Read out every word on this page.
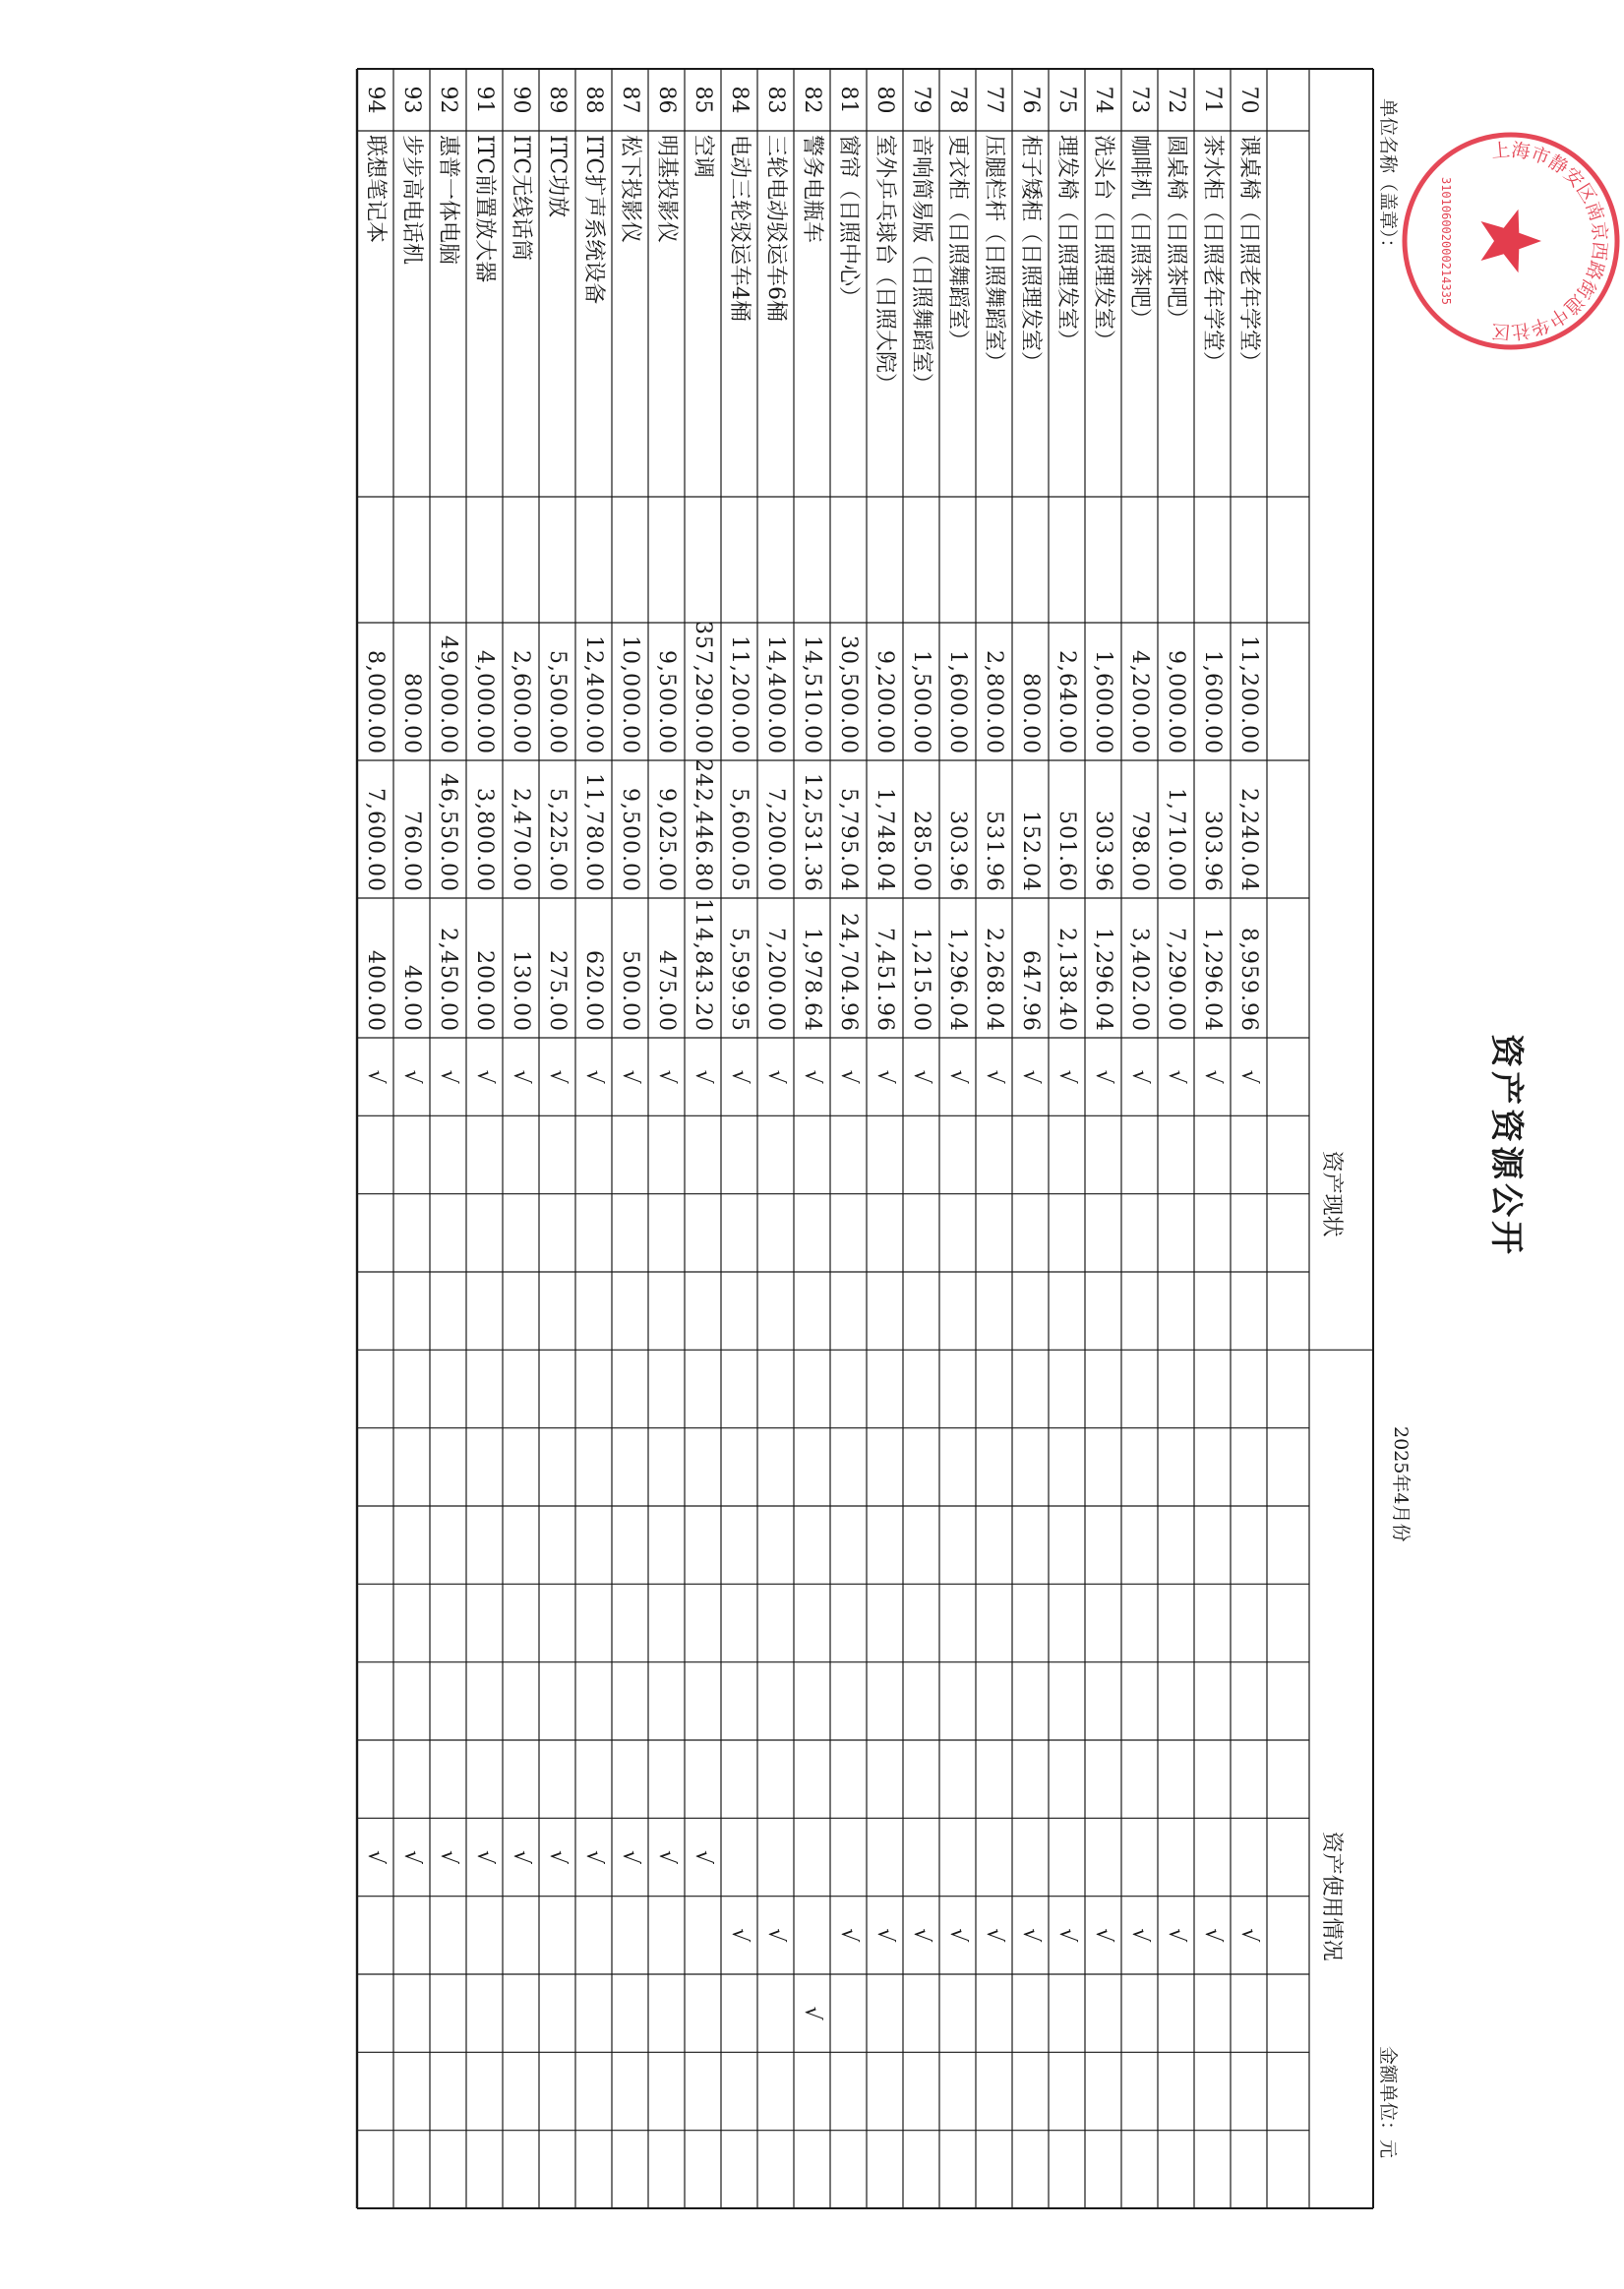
资产资源公开
2025年4月份
金额单位：元
单位名称（盖章）：
资产现状
资产使用情况
70
课桌椅（日照老年学堂）
11,200.00
2,240.04
8,959.96
√
√
71
茶水柜（日照老年学堂）
1,600.00
303.96
1,296.04
√
√
72
圆桌椅（日照茶吧）
9,000.00
1,710.00
7,290.00
√
√
73
咖啡机（日照茶吧）
4,200.00
798.00
3,402.00
√
√
74
洗头台（日照理发室）
1,600.00
303.96
1,296.04
√
√
75
理发椅（日照理发室）
2,640.00
501.60
2,138.40
√
√
76
柜子矮柜（日照理发室）
800.00
152.04
647.96
√
√
77
压腿栏杆（日照舞蹈室）
2,800.00
531.96
2,268.04
√
√
78
更衣柜（日照舞蹈室）
1,600.00
303.96
1,296.04
√
√
79
音响简易版（日照舞蹈室）
1,500.00
285.00
1,215.00
√
√
80
室外乒乓球台（日照大院）
9,200.00
1,748.04
7,451.96
√
√
81
窗帘（日照中心）
30,500.00
5,795.04
24,704.96
√
√
82
警务电瓶车
14,510.00
12,531.36
1,978.64
√
√
83
三轮电动驳运车6桶
14,400.00
7,200.00
7,200.00
√
√
84
电动三轮驳运车4桶
11,200.00
5,600.05
5,599.95
√
√
85
空调
357,290.00
242,446.80
114,843.20
√
√
86
明基投影仪
9,500.00
9,025.00
475.00
√
√
87
松下投影仪
10,000.00
9,500.00
500.00
√
√
88
ITC扩声系统设备
12,400.00
11,780.00
620.00
√
√
89
ITC功放
5,500.00
5,225.00
275.00
√
√
90
ITC无线话筒
2,600.00
2,470.00
130.00
√
√
91
ITC前置放大器
4,000.00
3,800.00
200.00
√
√
92
惠普一体电脑
49,000.00
46,550.00
2,450.00
√
√
93
步步高电话机
800.00
760.00
40.00
√
√
94
联想笔记本
8,000.00
7,600.00
400.00
√
√
上海市静安区南京西路街道中华社区
310106002000214335
